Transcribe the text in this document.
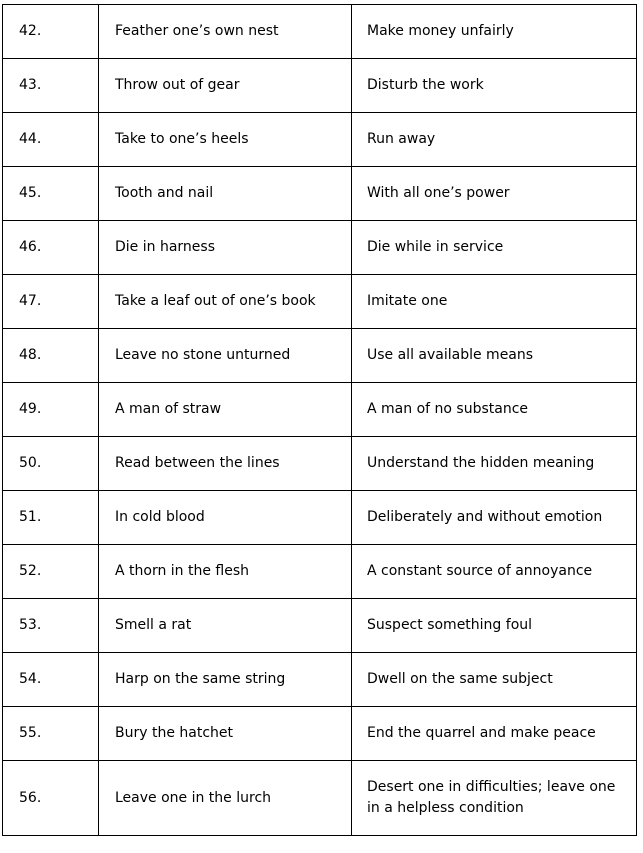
42.	Feather one’s own nest	Make money unfairly
43.	Throw out of gear	Disturb the work
44.	Take to one’s heels	Run away
45.	Tooth and nail	With all one’s power
46.	Die in harness	Die while in service
47.	Take a leaf out of one’s book	Imitate one
48.	Leave no stone unturned	Use all available means
49.	A man of straw	A man of no substance
50.	Read between the lines	Understand the hidden meaning
51.	In cold blood	Deliberately and without emotion
52.	A thorn in the flesh	A constant source of annoyance
53.	Smell a rat	Suspect something foul
54.	Harp on the same string	Dwell on the same subject
55.	Bury the hatchet	End the quarrel and make peace
56.	Leave one in the lurch	Desert one in difficulties; leave one in a helpless condition
